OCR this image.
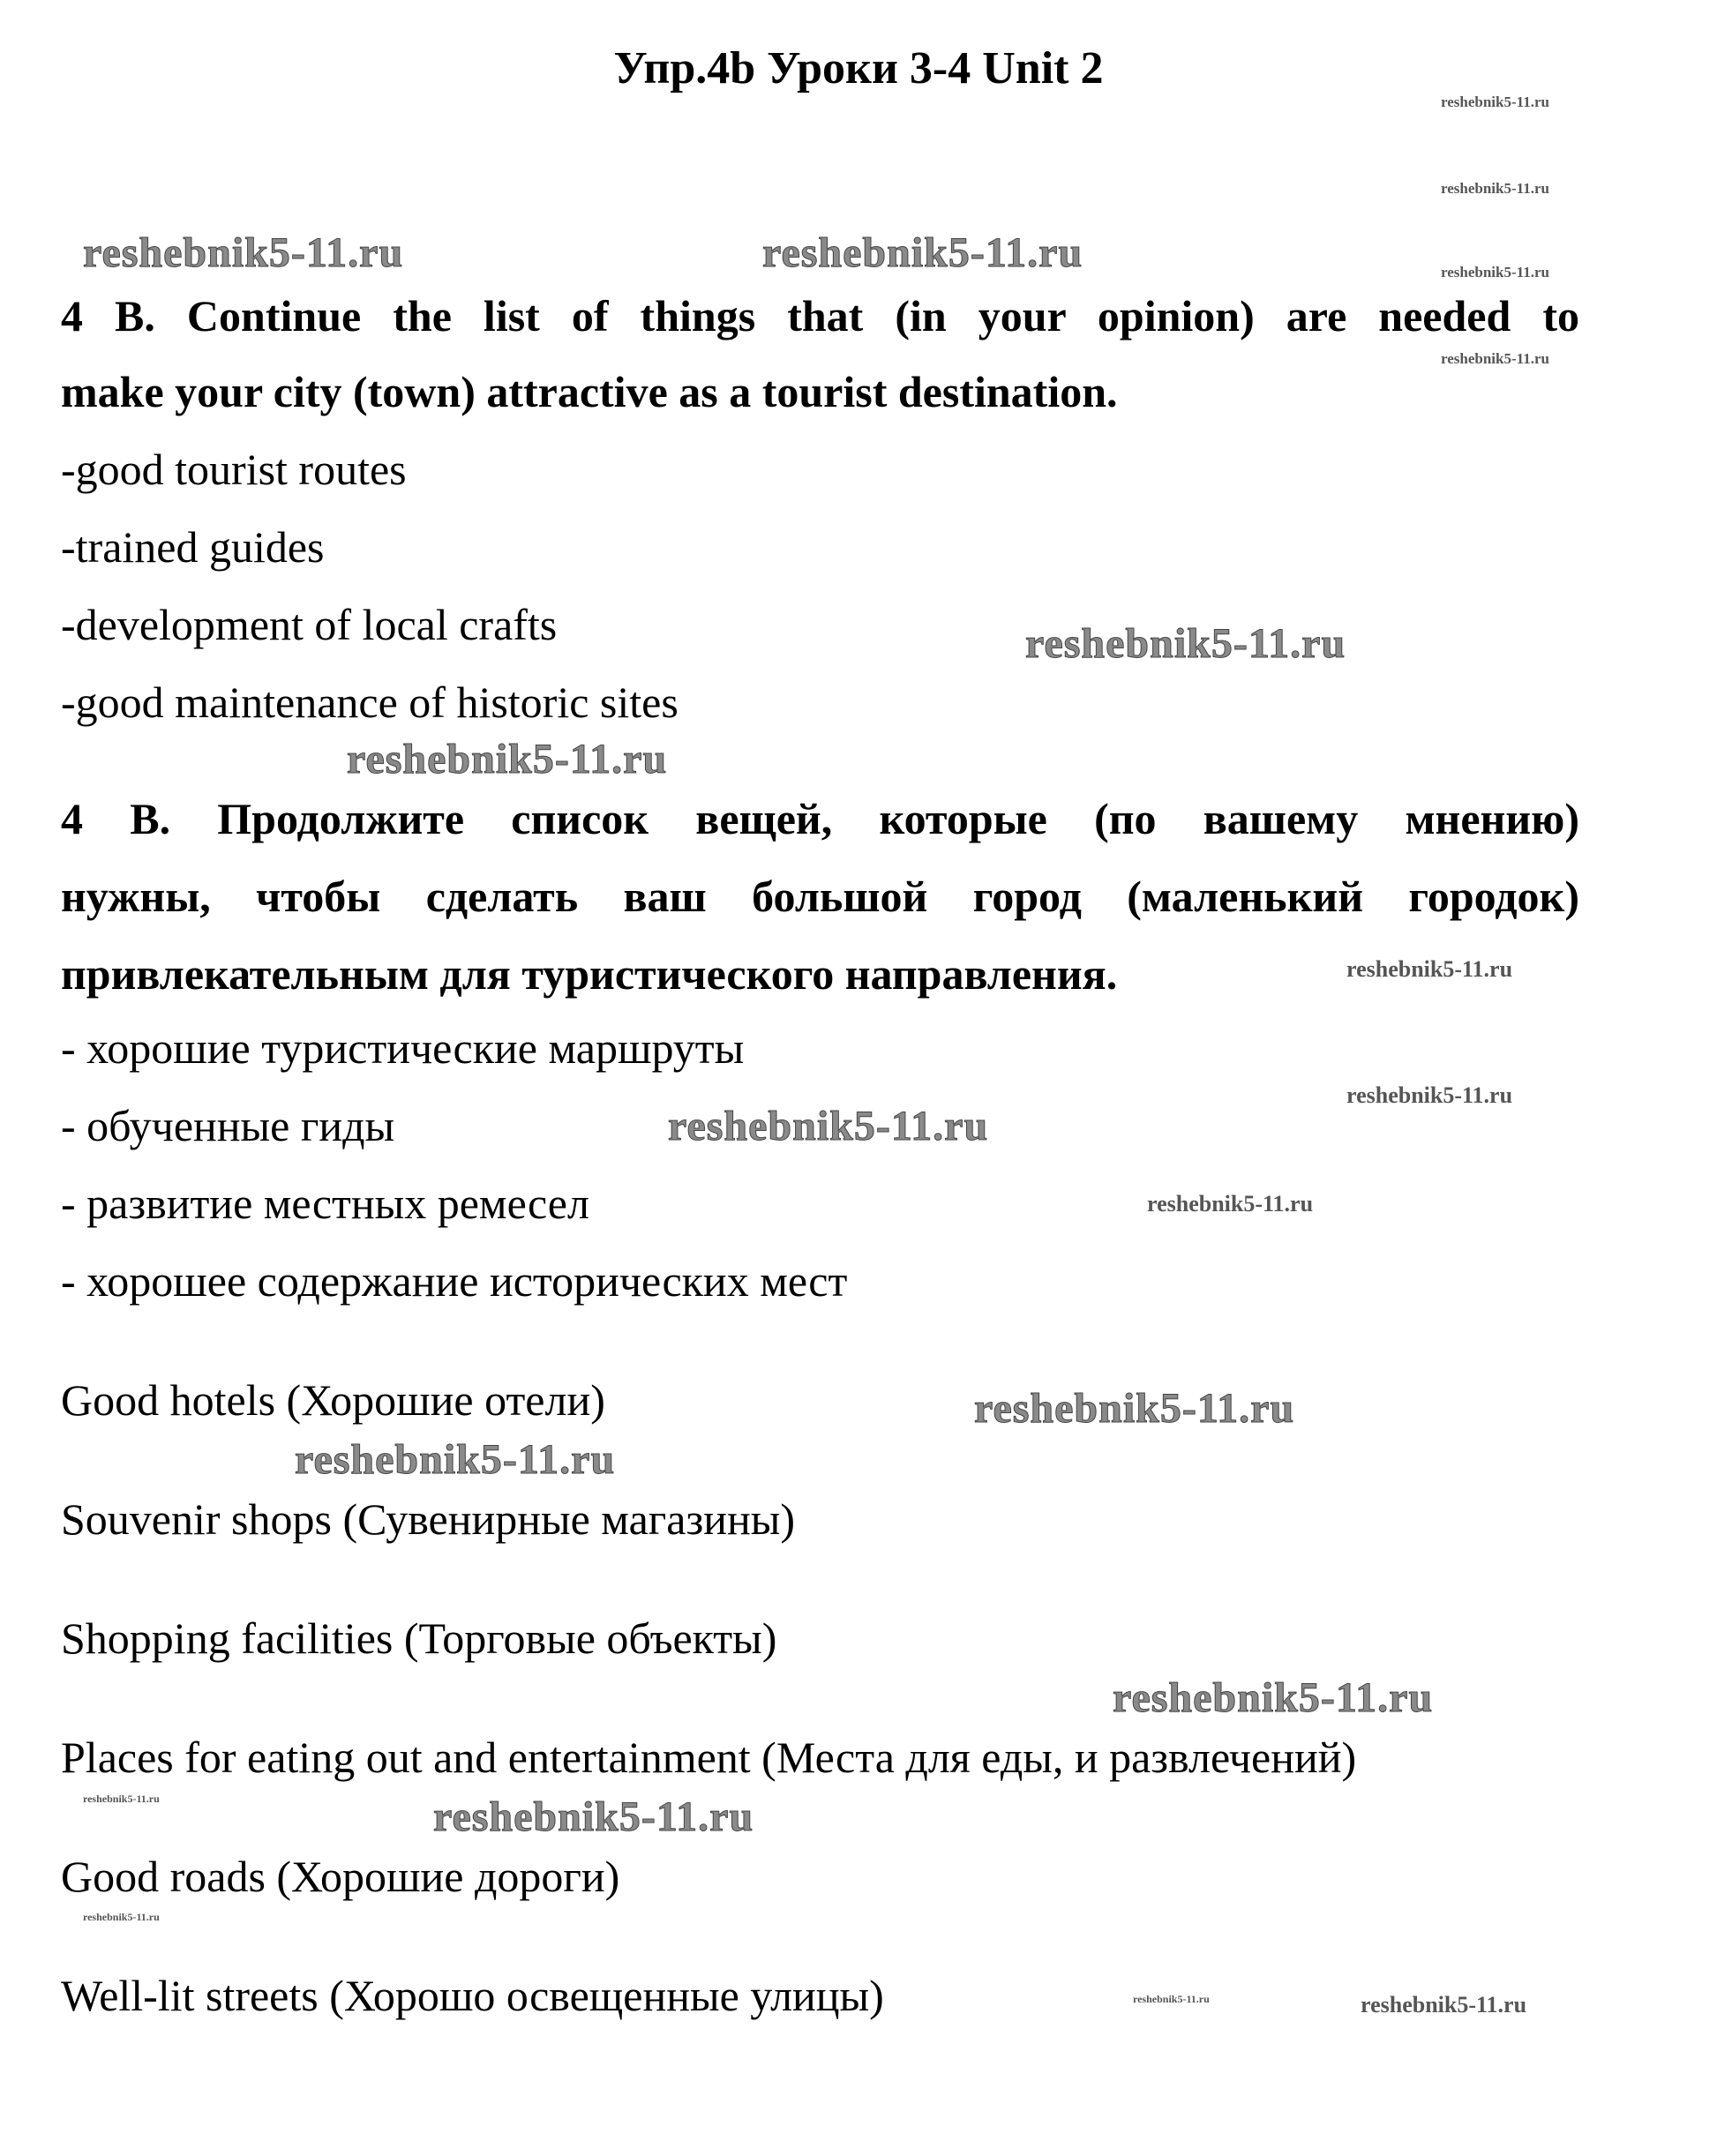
Упр.4b Уроки 3-4 Unit 2
reshebnik5-11.ru
reshebnik5-11.ru
reshebnik5-11.ru
reshebnik5-11.ru
reshebnik5-11.ru	reshebnik5-11.ru
reshebnik5-11.ru
reshebnik5-11.ru
reshebnik5-11.ru
reshebnik5-11.ru
reshebnik5-11.ru
reshebnik5-11.ru
reshebnik5-11.ru
reshebnik5-11.ru
reshebnik5-11.ru
reshebnik5-11.ru	reshebnik5-11.ru
reshebnik5-11.ru
reshebnik5-11.ru	reshebnik5-11.ru
4 B. Continue the list of things that (in your opinion) are needed to
make your city (town) attractive as a tourist destination.
-good tourist routes
-trained guides
-development of local crafts
-good maintenance of historic sites
4 B. Продолжите список вещей, которые (по вашему мнению)
нужны, чтобы сделать ваш большой город (маленький городок)
привлекательным для туристического направления.
- хорошие туристические маршруты
- обученные гиды
- развитие местных ремесел
- хорошее содержание исторических мест
Good hotels (Хорошие отели)
Souvenir shops (Сувенирные магазины)
Shopping facilities (Торговые объекты)
Places for eating out and entertainment (Места для еды, и развлечений)
Good roads (Хорошие дороги)
Well-lit streets (Хорошо освещенные улицы)
